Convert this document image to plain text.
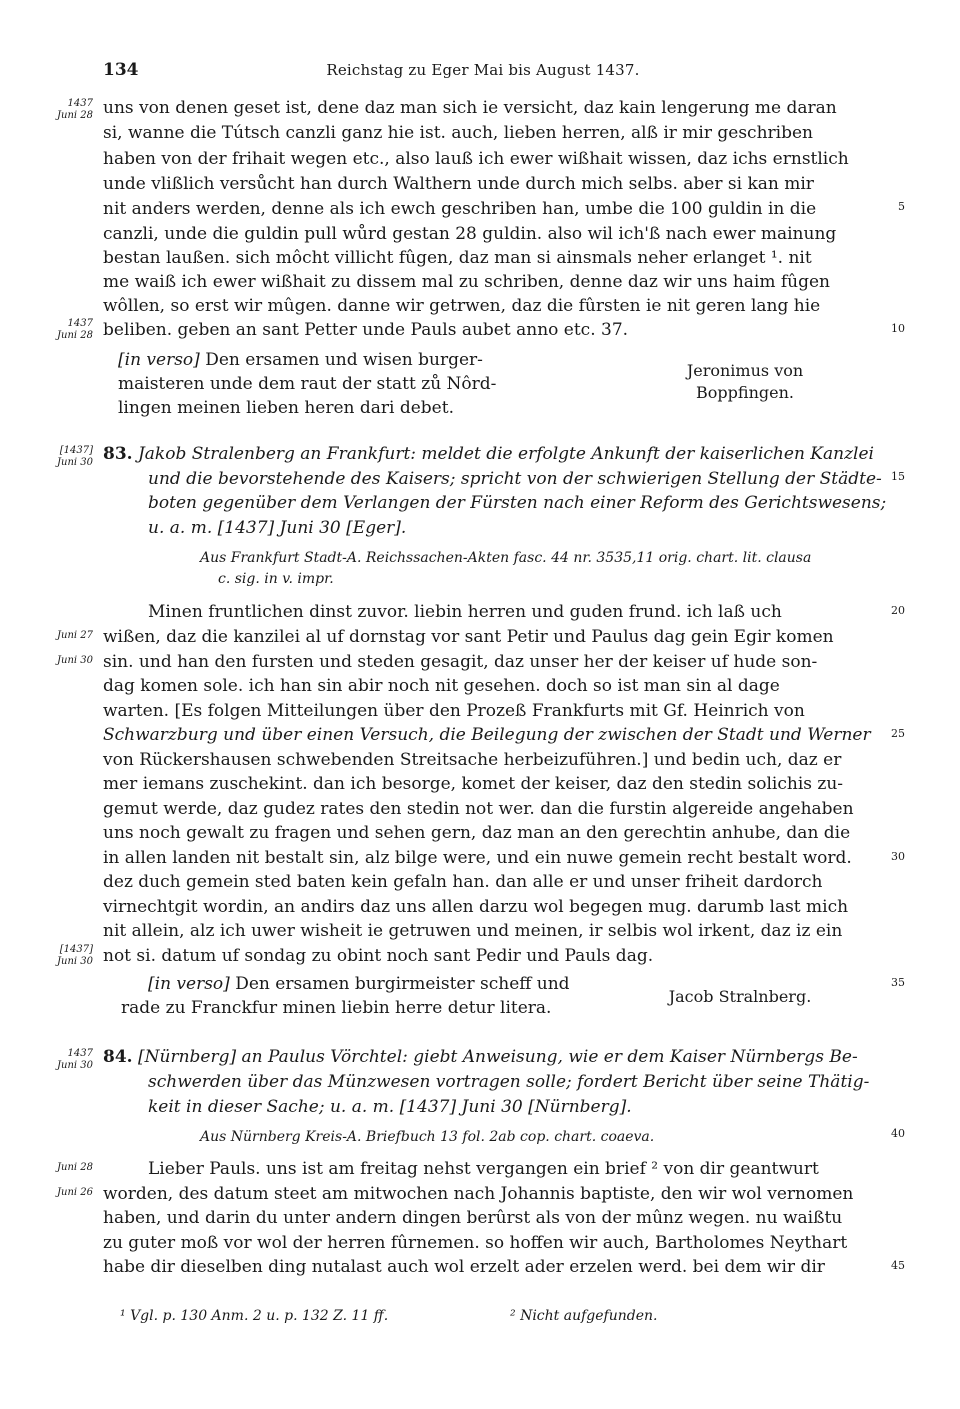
134	Reichstag zu Eger Mai bis August 1437.
uns von denen geset ist, dene daz man sich ie versicht, daz kain lengerung me daran
si, wanne die Tútsch canzli ganz hie ist. auch, lieben herren, alß ir mir geschriben
haben von der frihait wegen etc., also lauß ich ewer wißhait wissen, daz ichs ernstlich
unde vlißlich versůcht han durch Walthern unde durch mich selbs. aber si kan mir
nit anders werden, denne als ich ewch geschriben han, umbe die 100 guldin in die
canzli, unde die guldin pull wůrd gestan 28 guldin. also wil ich'ß nach ewer mainung
bestan laußen. sich môcht villicht fûgen, daz man si ainsmals neher erlanget ¹. nit
me waiß ich ewer wißhait zu dissem mal zu schriben, denne daz wir uns haim fûgen
wôllen, so erst wir mûgen. danne wir getrwen, daz die fûrsten ie nit geren lang hie
beliben. geben an sant Petter unde Pauls aubet anno etc. 37.
[in verso] Den ersamen und wisen burger-
maisteren unde dem raut der statt zů Nôrd-
lingen meinen lieben heren dari debet.
Jeronimus von
Boppfingen.
83. Jakob Stralenberg an Frankfurt: meldet die erfolgte Ankunft der kaiserlichen Kanzlei
und die bevorstehende des Kaisers; spricht von der schwierigen Stellung der Städte-
boten gegenüber dem Verlangen der Fürsten nach einer Reform des Gerichtswesens;
u. a. m. [1437] Juni 30 [Eger].
Aus Frankfurt Stadt-A. Reichssachen-Akten fasc. 44 nr. 3535,11 orig. chart. lit. clausa
c. sig. in v. impr.
Minen fruntlichen dinst zuvor. liebin herren und guden frund. ich laß uch
wißen, daz die kanzilei al uf dornstag vor sant Petir und Paulus dag gein Egir komen
sin. und han den fursten und steden gesagit, daz unser her der keiser uf hude son-
dag komen sole. ich han sin abir noch nit gesehen. doch so ist man sin al dage
warten. [Es folgen Mitteilungen über den Prozeß Frankfurts mit Gf. Heinrich von
Schwarzburg und über einen Versuch, die Beilegung der zwischen der Stadt und Werner
von Rückershausen schwebenden Streitsache herbeizuführen.] und bedin uch, daz er
mer iemans zuschekint. dan ich besorge, komet der keiser, daz den stedin solichis zu-
gemut werde, daz gudez rates den stedin not wer. dan die furstin algereide angehaben
uns noch gewalt zu fragen und sehen gern, daz man an den gerechtin anhube, dan die
in allen landen nit bestalt sin, alz bilge were, und ein nuwe gemein recht bestalt word.
dez duch gemein sted baten kein gefaln han. dan alle er und unser friheit dardorch
virnechtgit wordin, an andirs daz uns allen darzu wol begegen mug. darumb last mich
nit allein, alz ich uwer wisheit ie getruwen und meinen, ir selbis wol irkent, daz iz ein
not si. datum uf sondag zu obint noch sant Pedir und Pauls dag.
[in verso] Den ersamen burgirmeister scheff und
rade zu Franckfur minen liebin herre detur litera.
Jacob Stralnberg.
84. [Nürnberg] an Paulus Vörchtel: giebt Anweisung, wie er dem Kaiser Nürnbergs Be-
schwerden über das Münzwesen vortragen solle; fordert Bericht über seine Thätig-
keit in dieser Sache; u. a. m. [1437] Juni 30 [Nürnberg].
Aus Nürnberg Kreis-A. Briefbuch 13 fol. 2ab cop. chart. coaeva.
Lieber Pauls. uns ist am freitag nehst vergangen ein brief ² von dir geantwurt
worden, des datum steet am mitwochen nach Johannis baptiste, den wir wol vernomen
haben, und darin du unter andern dingen berûrst als von der mûnz wegen. nu waißtu
zu guter moß vor wol der herren fûrnemen. so hoffen wir auch, Bartholomes Neythart
habe dir dieselben ding nutalast auch wol erzelt ader erzelen werd. bei dem wir dir
¹ Vgl. p. 130 Anm. 2 u. p. 132 Z. 11 ff.	² Nicht aufgefunden.
1437 Juni 28
1437 Juni 28
[1437] Juni 30
Juni 27
Juni 30
[1437] Juni 30
1437 Juni 30
Juni 28
Juni 26
5
10
15
20
25
30
35
40
45
